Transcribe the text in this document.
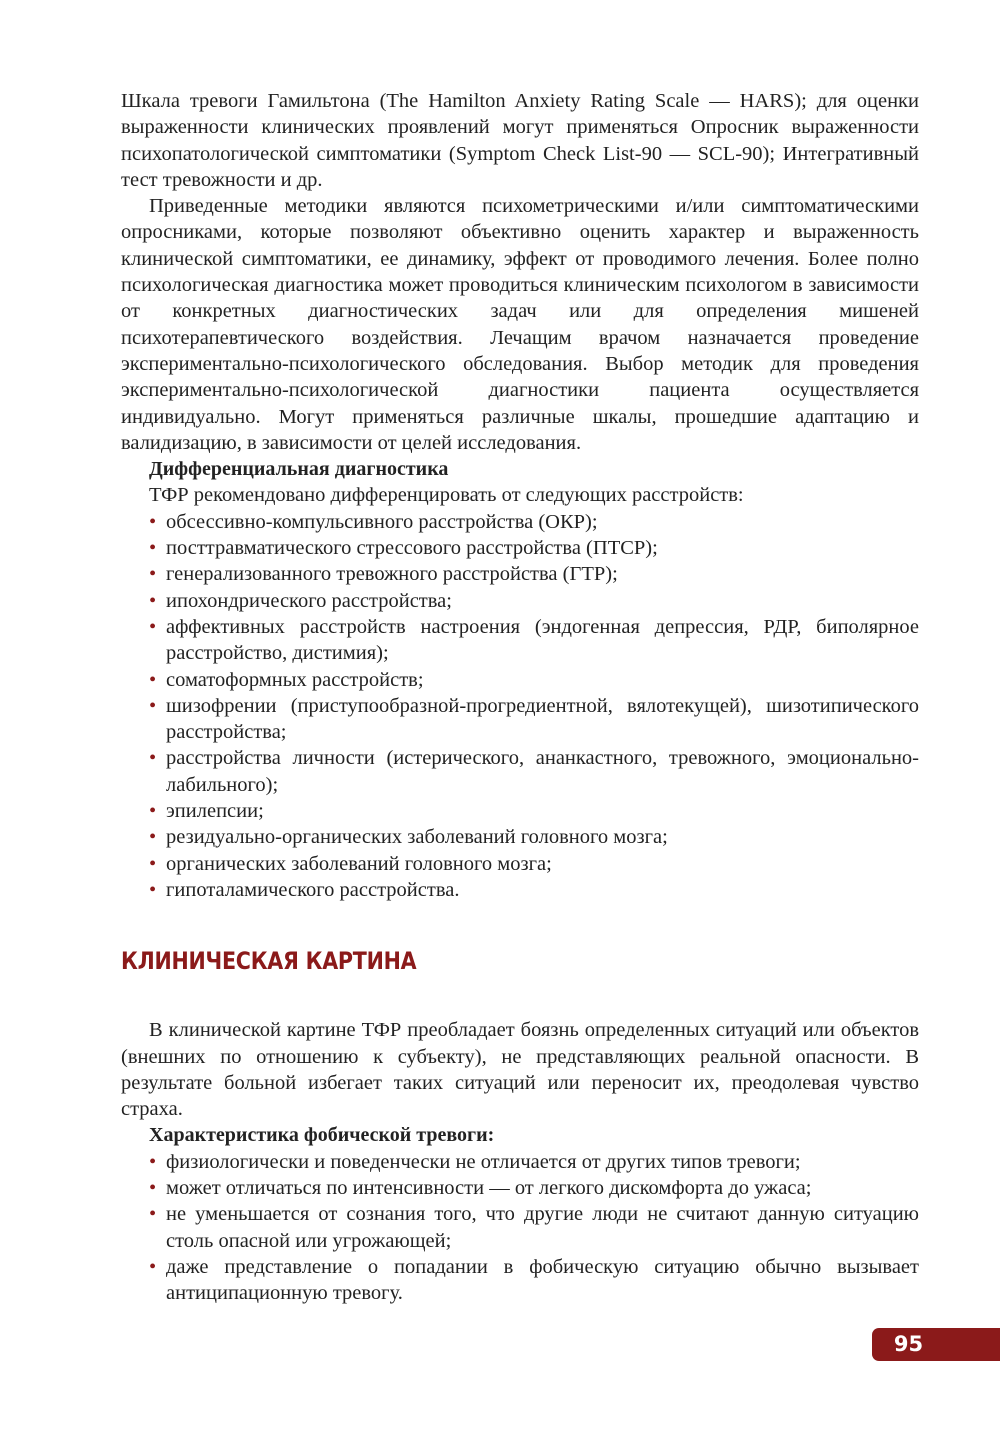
Шкала тревоги Гамильтона (The Hamilton Anxiety Rating Scale — HARS); для оценки выраженности клинических проявлений могут применяться Опросник выраженности психопатологической симптоматики (Symptom Check List-90 — SCL-90); Интегративный тест тревожности и др.

Приведенные методики являются психометрическими и/или симптоматическими опросниками, которые позволяют объективно оценить характер и выраженность клинической симптоматики, ее динамику, эффект от проводимого лечения. Более полно психологическая диагностика может проводиться клиническим психологом в зависимости от конкретных диагностических задач или для определения мишеней психотерапевтического воздействия. Лечащим врачом назначается проведение экспериментально-психологического обследования. Выбор методик для проведения экспериментально-психологической диагностики пациента осуществляется индивидуально. Могут применяться различные шкалы, прошедшие адаптацию и валидизацию, в зависимости от целей исследования.

Дифференциальная диагностика
ТФР рекомендовано дифференцировать от следующих расстройств:
• обсессивно-компульсивного расстройства (ОКР);
• посттравматического стрессового расстройства (ПТСР);
• генерализованного тревожного расстройства (ГТР);
• ипохондрического расстройства;
• аффективных расстройств настроения (эндогенная депрессия, РДР, биполярное расстройство, дистимия);
• соматоформных расстройств;
• шизофрении (приступообразной-прогредиентной, вялотекущей), шизотипического расстройства;
• расстройства личности (истерического, ананкастного, тревожного, эмоционально-лабильного);
• эпилепсии;
• резидуально-органических заболеваний головного мозга;
• органических заболеваний головного мозга;
• гипоталамического расстройства.
КЛИНИЧЕСКАЯ КАРТИНА

В клинической картине ТФР преобладает боязнь определенных ситуаций или объектов (внешних по отношению к субъекту), не представляющих реальной опасности. В результате больной избегает таких ситуаций или переносит их, преодолевая чувство страха.

Характеристика фобической тревоги:
• физиологически и поведенчески не отличается от других типов тревоги;
• может отличаться по интенсивности — от легкого дискомфорта до ужаса;
• не уменьшается от сознания того, что другие люди не считают данную ситуацию столь опасной или угрожающей;
• даже представление о попадании в фобическую ситуацию обычно вызывает антиципационную тревогу.
95
